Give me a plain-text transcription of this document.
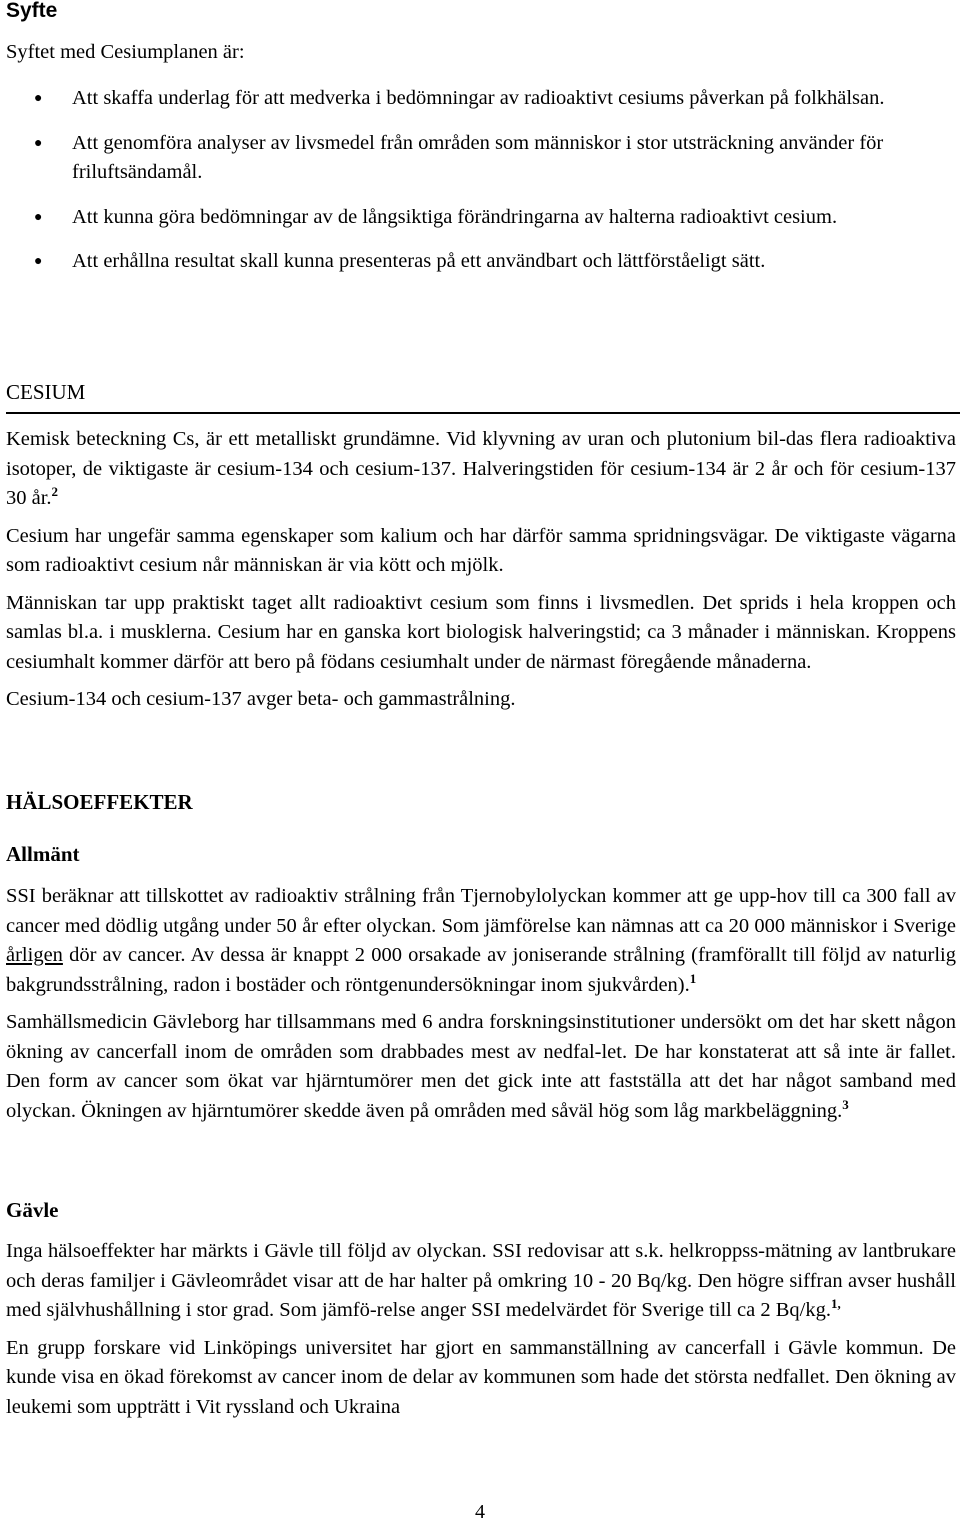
Syfte

Syftet med Cesiumplanen är:

● Att skaffa underlag för att medverka i bedömningar av radioaktivt cesiums påverkan på folkhälsan.
● Att genomföra analyser av livsmedel från områden som människor i stor utsträckning använder för friluftsändamål.
● Att kunna göra bedömningar av de långsiktiga förändringarna av halterna radioaktivt cesium.
● Att erhållna resultat skall kunna presenteras på ett användbart och lättförståeligt sätt.
CESIUM

Kemisk beteckning Cs, är ett metalliskt grundämne. Vid klyvning av uran och plutonium bil-das flera radioaktiva isotoper, de viktigaste är cesium-134 och cesium-137. Halveringstiden för cesium-134 är 2 år och för cesium-137 30 år.$^2$

Cesium har ungefär samma egenskaper som kalium och har därför samma spridningsvägar. De viktigaste vägarna som radioaktivt cesium når människan är via kött och mjölk.

Människan tar upp praktiskt taget allt radioaktivt cesium som finns i livsmedlen. Det sprids i hela kroppen och samlas bl.a. i musklerna. Cesium har en ganska kort biologisk halveringstid; ca 3 månader i människan. Kroppens cesiumhalt kommer därför att bero på födans cesiumhalt under de närmast föregående månaderna.

Cesium-134 och cesium-137 avger beta- och gammastrålning.

HÄLSOEFFEKTER
Allmänt

SSI beräknar att tillskottet av radioaktiv strålning från Tjernobylolyckan kommer att ge upp-hov till ca 300 fall av cancer med dödlig utgång under 50 år efter olyckan. Som jämförelse kan nämnas att ca 20 000 människor i Sverige årligen dör av cancer. Av dessa är knappt 2 000 orsakade av joniserande strålning (framförallt till följd av naturlig bakgrundsstrålning, radon i bostäder och röntgenundersökningar inom sjukvården).$^1$

Samhällsmedicin Gävleborg har tillsammans med 6 andra forskningsinstitutioner undersökt om det har skett någon ökning av cancerfall inom de områden som drabbades mest av nedfal-let. De har konstaterat att så inte är fallet. Den form av cancer som ökat var hjärntumörer men det gick inte att fastställa att det har något samband med olyckan. Ökningen av hjärntumörer skedde även på områden med såväl hög som låg markbeläggning.$^3$

Gävle

Inga hälsoeffekter har märkts i Gävle till följd av olyckan. SSI redovisar att s.k. helkroppss-mätning av lantbrukare och deras familjer i Gävleområdet visar att de har halter på omkring 10 - 20 Bq/kg. Den högre siffran avser hushåll med självhushållning i stor grad. Som jämfö-relse anger SSI medelvärdet för Sverige till ca 2 Bq/kg.$^{1,}$

En grupp forskare vid Linköpings universitet har gjort en sammanställning av cancerfall i Gävle kommun. De kunde visa en ökad förekomst av cancer inom de delar av kommunen som hade det största nedfallet. Den ökning av leukemi som uppträtt i Vit ryssland och Ukraina

4
